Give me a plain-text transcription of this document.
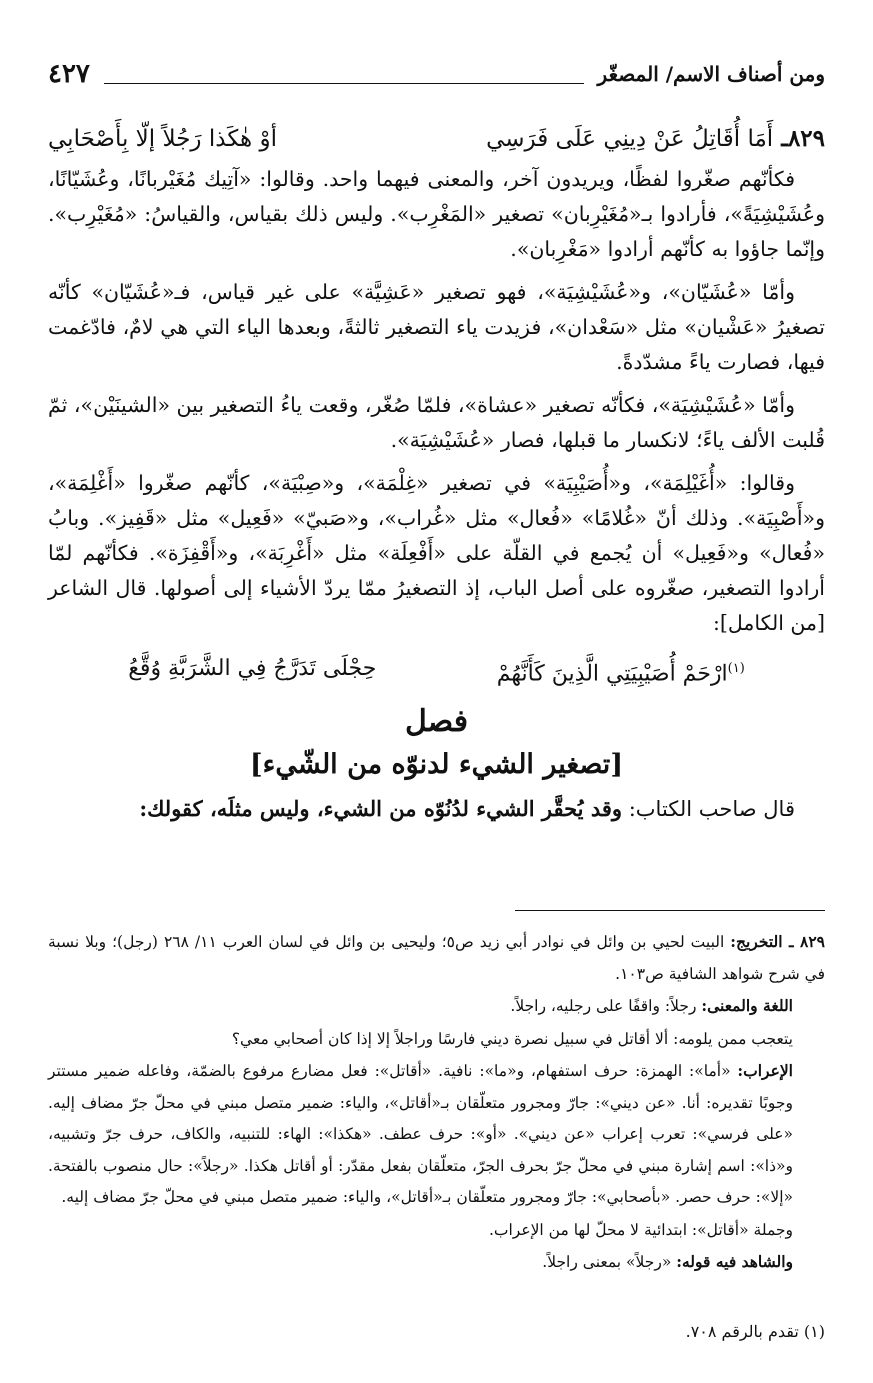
ومن أصناف الاسم/ المصغّر
٤٢٧
٨٢٩ـ
أَمَا أُقَاتِلُ عَنْ دِينِي عَلَى فَرَسِي
أوْ هٰكَذا رَجُلاً إلّا بِأَصْحَابِي

فكأنّهم صغّروا لفظًا، ويريدون آخر، والمعنى فيهما واحد. وقالوا: «آتِيك مُغَيْربانًا، وعُشَيّانًا، وعُشَيْشِيَةً»، فأرادوا بـ«مُغَيْرِبان» تصغير «المَغْرِب». وليس ذلك بقياس، والقياسُ: «مُغَيْرِب». وإنّما جاؤوا به كأنّهم أرادوا «مَغْرِبان».

وأمّا «عُشَيّان»، و«عُشَيْشِيَة»، فهو تصغير «عَشِيَّة» على غير قياس، فـ«عُشَيّان» كأنّه تصغيرُ «عَشْيان» مثل «سَعْدان»، فزيدت ياء التصغير ثالثةً، وبعدها الياء التي هي لامٌ، فادّغمت فيها، فصارت ياءً مشدّدةً.

وأمّا «عُشَيْشِيَة»، فكأنّه تصغير «عشاة»، فلمّا صُغّر، وقعت ياءُ التصغير بين «الشينَيْن»، ثمّ قُلبت الألف ياءً؛ لانكسار ما قبلها، فصار «عُشَيْشِيَة».

وقالوا: «أُغَيْلِمَة»، و«أُصَيْبِيَة» في تصغير «غِلْمَة»، و«صِبْيَة»، كأنّهم صغّروا «أَغْلِمَة»، و«أَصْبِيَة». وذلك أنّ «غُلامًا» «فُعال» مثل «غُراب»، و«صَبيّ» «فَعِيل» مثل «قَفِيز». وبابُ «فُعال» و«فَعِيل» أن يُجمع في القلّة على «أَفْعِلَة» مثل «أَغْرِبَة»، و«أَقْفِزَة». فكأنّهم لمّا أرادوا التصغير، صغّروه على أصل الباب، إذ التصغيرُ ممّا يردّ الأشياء إلى أصولها. قال الشاعر [من الكامل]:

$^{(١)}$ارْحَمْ أُصَيْبِيَتِي الَّذِينَ كَأَنَّهُمْ
حِجْلَى تَدَرَّجُ فِي الشَّرَبَّةِ وُقَّعُ
فصل
[تصغير الشيء لدنوّه من الشّيء]
قال صاحب الكتاب: وقد يُحقَّر الشيء لدُنُوّه من الشيء، وليس مثلَه، كقولك:

٨٢٩ ـ التخريج: البيت لحيي بن وائل في نوادر أبي زيد ص٥؛ وليحيى بن وائل في لسان العرب ١١/ ٢٦٨ (رجل)؛ وبلا نسبة في شرح شواهد الشافية ص١٠٣.

اللغة والمعنى: رجلاً: واقفًا على رجليه، راجلاً.

يتعجب ممن يلومه: ألا أقاتل في سبيل نصرة ديني فارسًا وراجلاً إلا إذا كان أصحابي معي؟

الإعراب: «أما»: الهمزة: حرف استفهام، و«ما»: نافية. «أقاتل»: فعل مضارع مرفوع بالضمّة، وفاعله ضمير مستتر وجوبًا تقديره: أنا. «عن ديني»: جارّ ومجرور متعلّقان بـ«أقاتل»، والياء: ضمير متصل مبني في محلّ جرّ مضاف إليه. «على فرسي»: تعرب إعراب «عن ديني». «أو»: حرف عطف. «هكذا»: الهاء: للتنبيه، والكاف، حرف جرّ وتشبيه، و«ذا»: اسم إشارة مبني في محلّ جرّ بحرف الجرّ، متعلّقان بفعل مقدّر: أو أقاتل هكذا. «رجلاً»: حال منصوب بالفتحة. «إلا»: حرف حصر. «بأصحابي»: جارّ ومجرور متعلّقان بـ«أقاتل»، والياء: ضمير متصل مبني في محلّ جرّ مضاف إليه.

وجملة «أقاتل»: ابتدائية لا محلّ لها من الإعراب.

والشاهد فيه قوله: «رجلاً» بمعنى راجلاً.

(١) تقدم بالرقم ٧٠٨.
